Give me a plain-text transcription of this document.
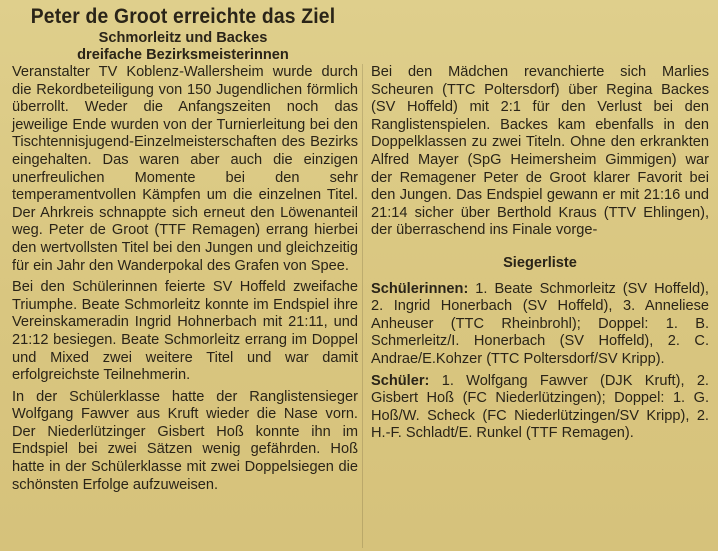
Peter de Groot erreichte das Ziel

Schmorleitz und Backes

dreifache Bezirksmeisterinnen

Veranstalter TV Koblenz-Wallersheim wurde durch die Rekordbeteiligung von 150 Jugendlichen förmlich überrollt. Weder die Anfangszeiten noch das jeweilige Ende wurden von der Turnierleitung bei den Tischtennisjugend-Einzelmeisterschaften des Bezirks eingehalten. Das waren aber auch die einzigen unerfreulichen Momente bei den sehr temperamentvollen Kämpfen um die einzelnen Titel. Der Ahrkreis schnappte sich erneut den Löwenanteil weg. Peter de Groot (TTF Remagen) errang hierbei den wertvollsten Titel bei den Jungen und gleichzeitig für ein Jahr den Wanderpokal des Grafen von Spee.

Bei den Schülerinnen feierte SV Hoffeld zweifache Triumphe. Beate Schmorleitz konnte im Endspiel ihre Vereinskameradin Ingrid Hohnerbach mit 21:11, und 21:12 besiegen. Beate Schmorleitz errang im Doppel und Mixed zwei weitere Titel und war damit erfolgreichste Teilnehmerin.

In der Schülerklasse hatte der Ranglistensieger Wolfgang Fawver aus Kruft wieder die Nase vorn. Der Niederlützinger Gisbert Hoß konnte ihn im Endspiel bei zwei Sätzen wenig gefährden. Hoß hatte in der Schülerklasse mit zwei Doppelsiegen die schönsten Erfolge aufzuweisen.

Bei den Mädchen revanchierte sich Marlies Scheuren (TTC Poltersdorf) über Regina Backes (SV Hoffeld) mit 2:1 für den Verlust bei den Ranglistenspielen. Backes kam ebenfalls in den Doppelklassen zu zwei Titeln. Ohne den erkrankten Alfred Mayer (SpG Heimersheim Gimmigen) war der Remagener Peter de Groot klarer Favorit bei den Jungen. Das Endspiel gewann er mit 21:16 und 21:14 sicher über Berthold Kraus (TTV Ehlingen), der überraschend ins Finale vorge-

Siegerliste

Schülerinnen: 1. Beate Schmorleitz (SV Hoffeld), 2. Ingrid Honerbach (SV Hoffeld), 3. Anneliese Anheuser (TTC Rheinbrohl); Doppel: 1. B. Schmerleitz/I. Honerbach (SV Hoffeld), 2. C. Andrae/E.Kohzer (TTC Poltersdorf/SV Kripp).

Schüler: 1. Wolfgang Fawver (DJK Kruft), 2. Gisbert Hoß (FC Niederlützingen); Doppel: 1. G. Hoß/W. Scheck (FC Niederlützingen/SV Kripp), 2. H.-F. Schladt/E. Runkel (TTF Remagen).
